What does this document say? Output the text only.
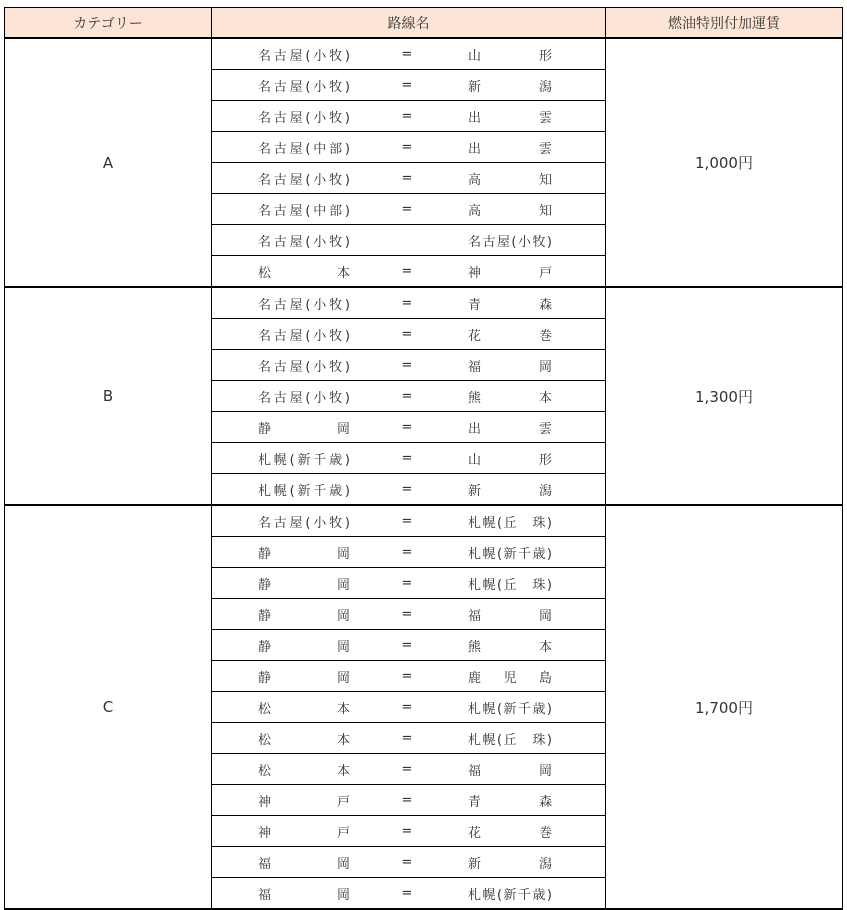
カテゴリー	路線名	燃油特別付加運賃
A	名古屋(小牧) = 山　形	1,000円

	名古屋(小牧) = 新　潟	

	名古屋(小牧) = 出　雲	

	名古屋(中部) = 出　雲	

	名古屋(小牧) = 高　知	

	名古屋(中部) = 高　知	

	名古屋(小牧) 名古屋(小牧)	

	松　本 = 神　戸	

B	名古屋(小牧) = 青　森	1,300円

	名古屋(小牧) = 花　巻	

	名古屋(小牧) = 福　岡	

	名古屋(小牧) = 熊　本	

	静　岡 = 出　雲	

	札幌(新千歳) = 山　形	

	札幌(新千歳) = 新　潟	

C	名古屋(小牧) = 札幌(丘　珠)	1,700円

	静　岡 = 札幌(新千歳)	

	静　岡 = 札幌(丘　珠)	

	静　岡 = 福　岡	

	静　岡 = 熊　本	

	静　岡 = 鹿　児　島	

	松　本 = 札幌(新千歳)	

	松　本 = 札幌(丘　珠)	

	松　本 = 福　岡	

	神　戸 = 青　森	

	神　戸 = 花　巻	

	福　岡 = 新　潟	

	福　岡 = 札幌(新千歳)	
